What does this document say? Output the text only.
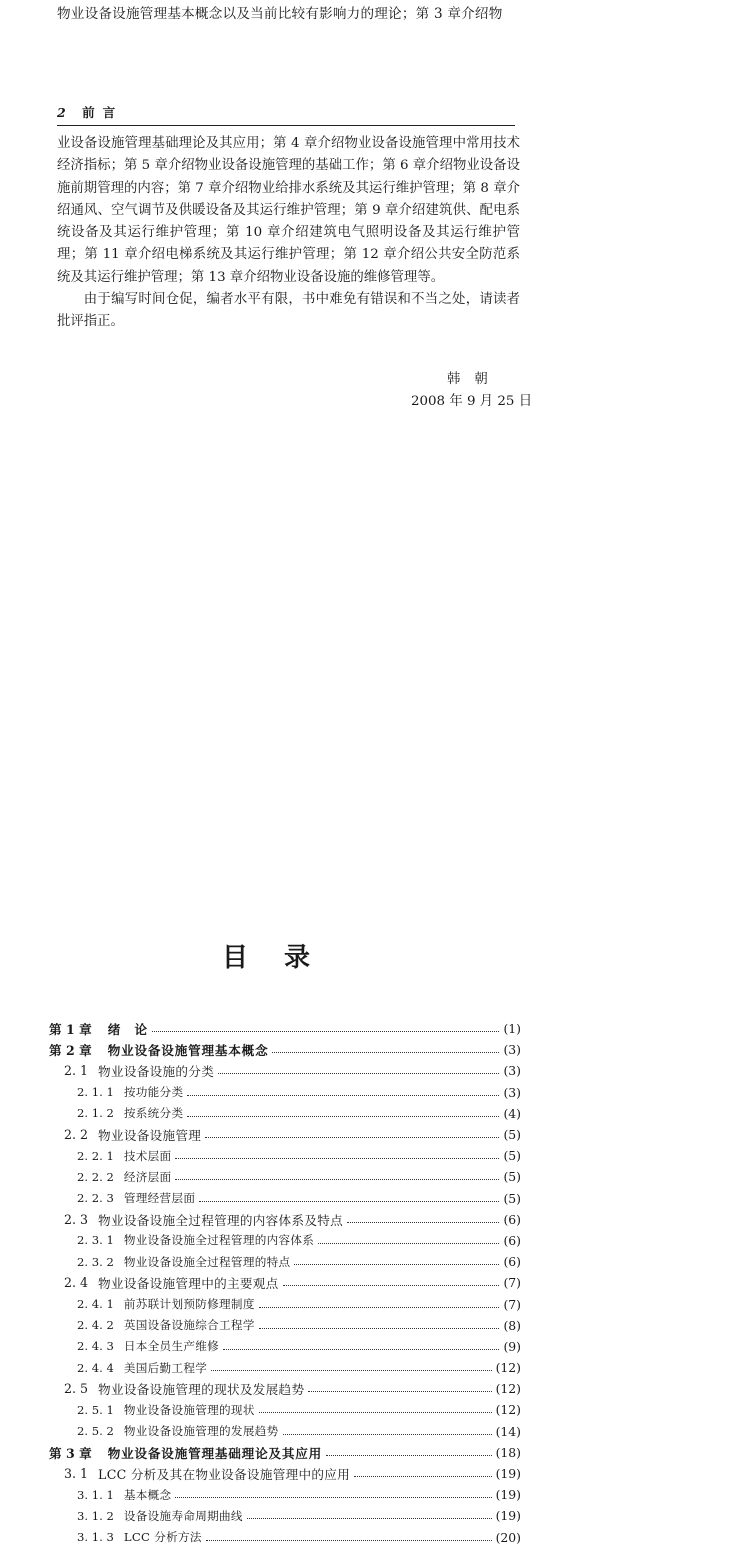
物业设备设施管理基本概念以及当前比较有影响力的理论；第 3 章介绍物
2 前言

业设备设施管理基础理论及其应用；第 4 章介绍物业设备设施管理中常用技术经济指标；第 5 章介绍物业设备设施管理的基础工作；第 6 章介绍物业设备设施前期管理的内容；第 7 章介绍物业给排水系统及其运行维护管理；第 8 章介绍通风、空气调节及供暖设备及其运行维护管理；第 9 章介绍建筑供、配电系统设备及其运行维护管理；第 10 章介绍建筑电气照明设备及其运行维护管理；第 11 章介绍电梯系统及其运行维护管理；第 12 章介绍公共安全防范系统及其运行维护管理；第 13 章介绍物业设备设施的维修管理等。

由于编写时间仓促，编者水平有限，书中难免有错误和不当之处，请读者批评指正。

韩朝
2008 年 9 月 25 日
目录
第 1 章 绪　论	(1)
第 2 章 物业设备设施管理基本概念	(3)
2. 1 物业设备设施的分类	(3)
2. 1. 1 按功能分类	(3)
2. 1. 2 按系统分类	(4)
2. 2 物业设备设施管理	(5)
2. 2. 1 技术层面	(5)
2. 2. 2 经济层面	(5)
2. 2. 3 管理经营层面	(5)
2. 3 物业设备设施全过程管理的内容体系及特点	(6)
2. 3. 1 物业设备设施全过程管理的内容体系	(6)
2. 3. 2 物业设备设施全过程管理的特点	(6)
2. 4 物业设备设施管理中的主要观点	(7)
2. 4. 1 前苏联计划预防修理制度	(7)
2. 4. 2 英国设备设施综合工程学	(8)
2. 4. 3 日本全员生产维修	(9)
2. 4. 4 美国后勤工程学	(12)
2. 5 物业设备设施管理的现状及发展趋势	(12)
2. 5. 1 物业设备设施管理的现状	(12)
2. 5. 2 物业设备设施管理的发展趋势	(14)
第 3 章 物业设备设施管理基础理论及其应用	(18)
3. 1 LCC 分析及其在物业设备设施管理中的应用	(19)
3. 1. 1 基本概念	(19)
3. 1. 2 设备设施寿命周期曲线	(19)
3. 1. 3 LCC 分析方法	(20)
